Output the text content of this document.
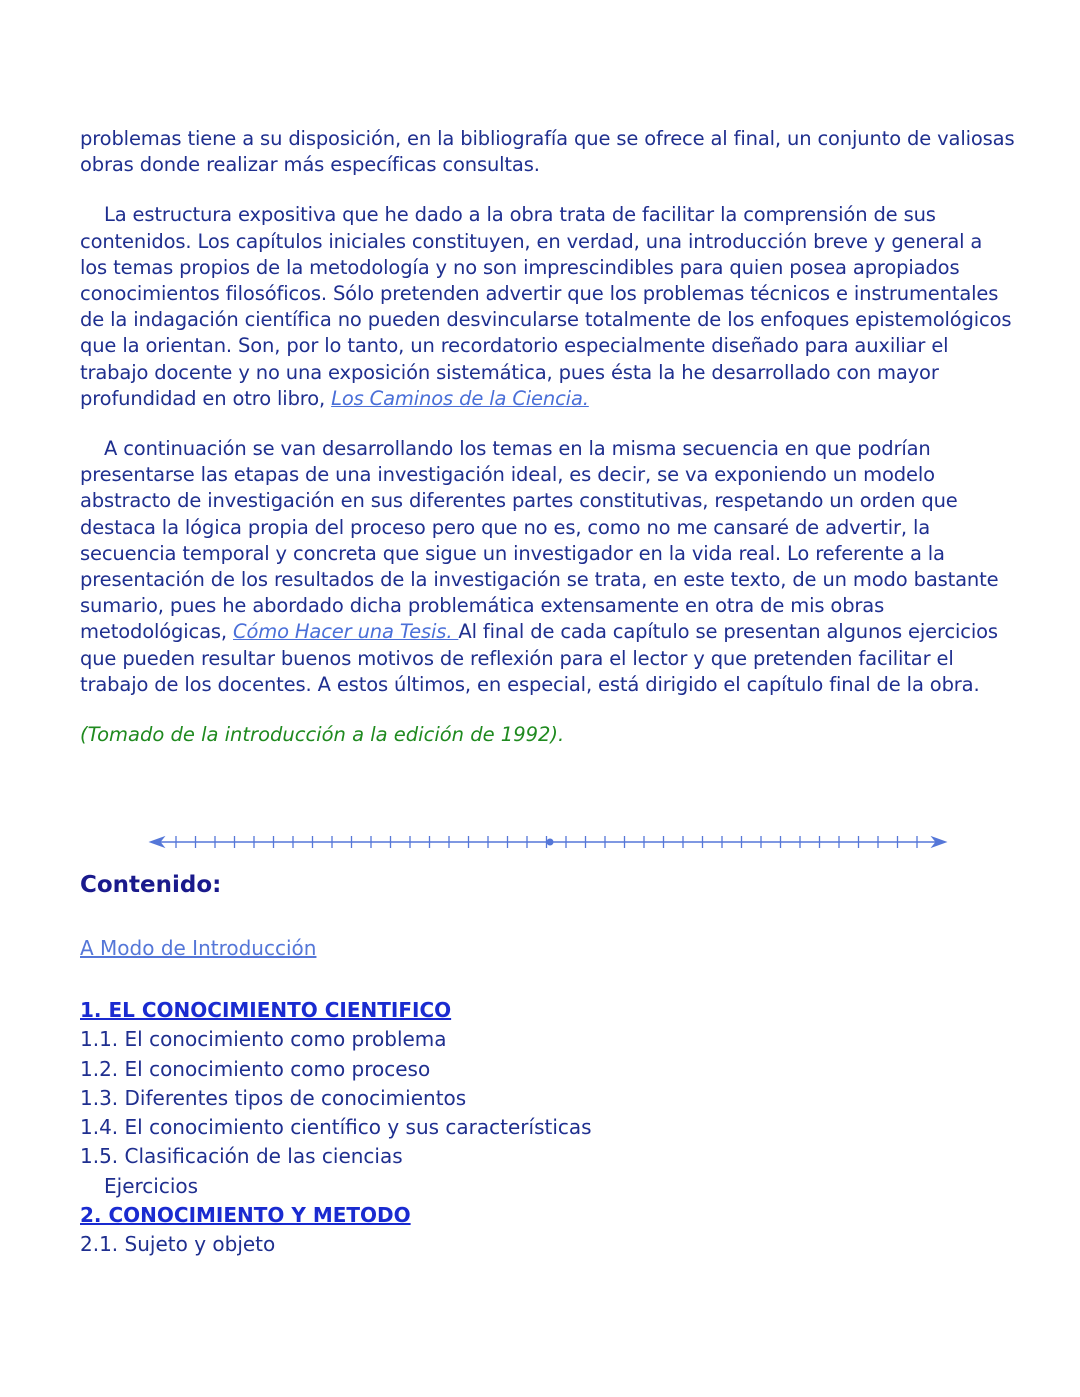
problemas tiene a su disposición, en la bibliografía que se ofrece al final, un conjunto de valiosas obras donde realizar más específicas consultas.

La estructura expositiva que he dado a la obra trata de facilitar la comprensión de sus contenidos. Los capítulos iniciales constituyen, en verdad, una introducción breve y general a los temas propios de la metodología y no son imprescindibles para quien posea apropiados conocimientos filosóficos. Sólo pretenden advertir que los problemas técnicos e instrumentales de la indagación científica no pueden desvincularse totalmente de los enfoques epistemológicos que la orientan. Son, por lo tanto, un recordatorio especialmente diseñado para auxiliar el trabajo docente y no una exposición sistemática, pues ésta la he desarrollado con mayor profundidad en otro libro, Los Caminos de la Ciencia.

A continuación se van desarrollando los temas en la misma secuencia en que podrían presentarse las etapas de una investigación ideal, es decir, se va exponiendo un modelo abstracto de investigación en sus diferentes partes constitutivas, respetando un orden que destaca la lógica propia del proceso pero que no es, como no me cansaré de advertir, la secuencia temporal y concreta que sigue un investigador en la vida real. Lo referente a la presentación de los resultados de la investigación se trata, en este texto, de un modo bastante sumario, pues he abordado dicha problemática extensamente en otra de mis obras metodológicas, Cómo Hacer una Tesis. Al final de cada capítulo se presentan algunos ejercicios que pueden resultar buenos motivos de reflexión para el lector y que pretenden facilitar el trabajo de los docentes. A estos últimos, en especial, está dirigido el capítulo final de la obra.

(Tomado de la introducción a la edición de 1992).

Contenido:
A Modo de Introducción
1. EL CONOCIMIENTO CIENTIFICO
1.1. El conocimiento como problema
1.2. El conocimiento como proceso
1.3. Diferentes tipos de conocimientos
1.4. El conocimiento científico y sus características
1.5. Clasificación de las ciencias
Ejercicios
2. CONOCIMIENTO Y METODO
2.1. Sujeto y objeto
